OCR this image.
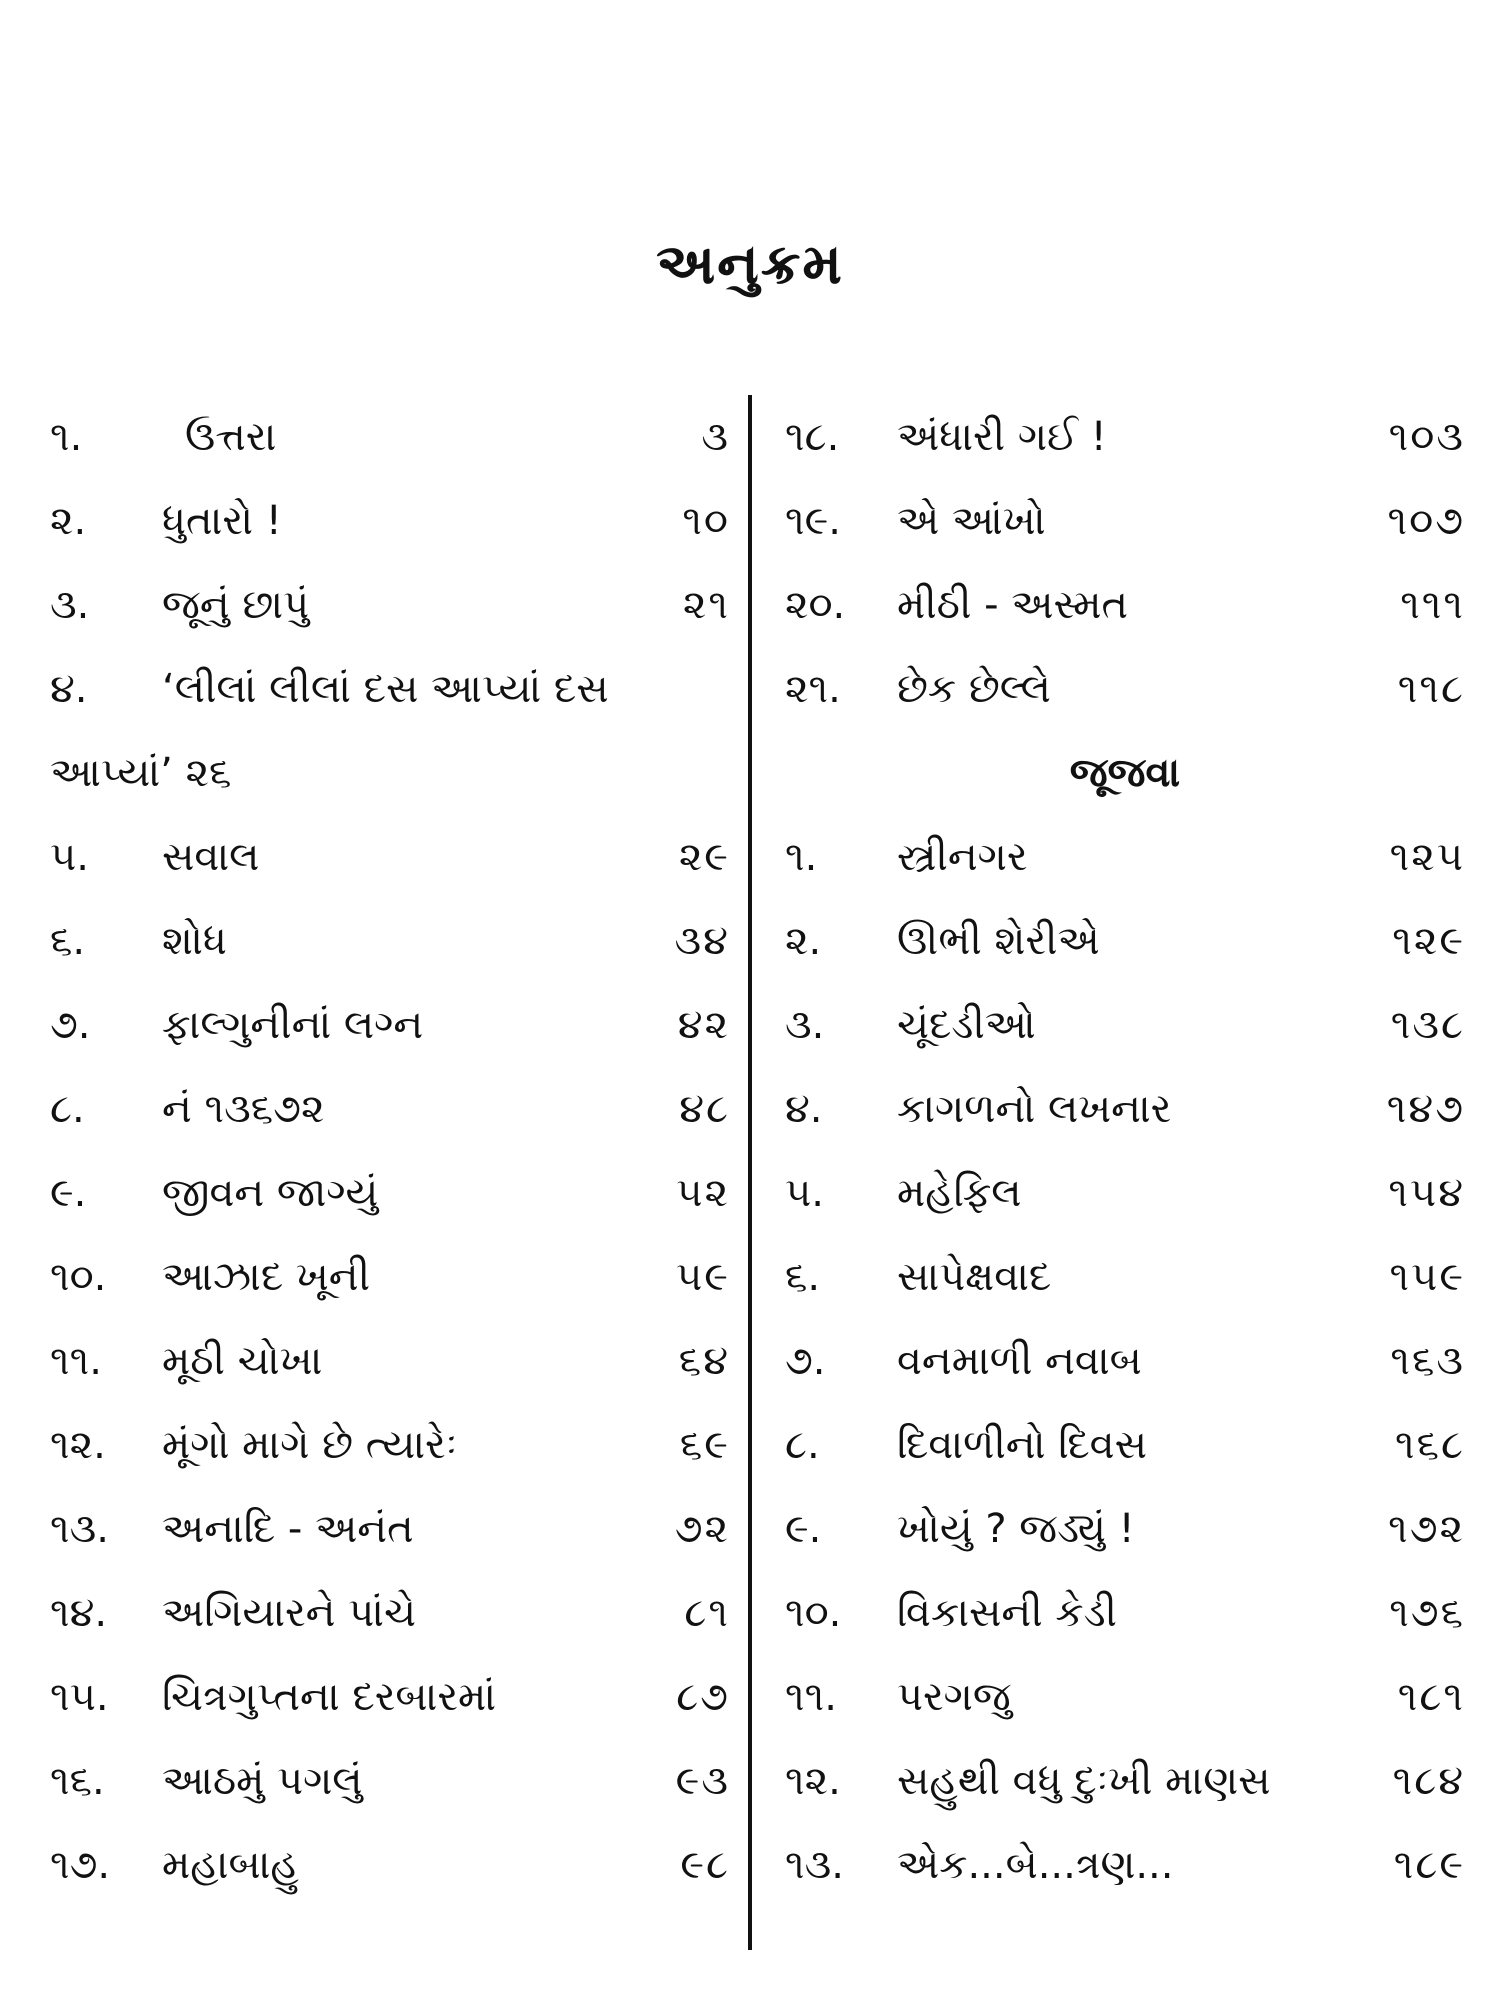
અનુક્રમ
૧.	ઉત્તરા	૩
૨.	ધુતારો !	૧૦
૩.	જૂનું છાપું	૨૧
૪.	‘લીલાં લીલાં દસ આપ્યાં દસ
આપ્યાં’ ૨૬
૫.	સવાલ	૨૯
૬.	શોધ	૩૪
૭.	ફાલ્ગુનીનાં લગ્ન	૪૨
૮.	નં ૧૩૬૭૨	૪૮
૯.	જીવન જાગ્યું	૫૨
૧૦.	આઝાદ ખૂની	૫૯
૧૧.	મૂઠી ચોખા	૬૪
૧૨.	મૂંગો માગે છે ત્યારેઃ	૬૯
૧૩.	અનાદિ - અનંત	૭૨
૧૪.	અગિયારને પાંચે	૮૧
૧૫.	ચિત્રગુપ્તના દરબારમાં	૮૭
૧૬.	આઠમું પગલું	૯૩
૧૭.	મહાબાહુ	૯૮
૧૮.	અંધારી ગઈ !	૧૦૩
૧૯.	એ આંખો	૧૦૭
૨૦.	મીઠી - અસ્મત	૧૧૧
૨૧.	છેક છેલ્લે	૧૧૮
જૂજવા
૧.	સ્ત્રીનગર	૧૨૫
૨.	ઊભી શેરીએ	૧૨૯
૩.	ચૂંદડીઓ	૧૩૮
૪.	કાગળનો લખનાર	૧૪૭
૫.	મહેફિલ	૧૫૪
૬.	સાપેક્ષવાદ	૧૫૯
૭.	વનમાળી નવાબ	૧૬૩
૮.	દિવાળીનો દિવસ	૧૬૮
૯.	ખોયું ? જડ્યું !	૧૭૨
૧૦.	વિકાસની કેડી	૧૭૬
૧૧.	પરગજુ	૧૮૧
૧૨.	સહુથી વધુ દુઃખી માણસ	૧૮૪
૧૩.	એક...બે...ત્રણ...	૧૮૯
